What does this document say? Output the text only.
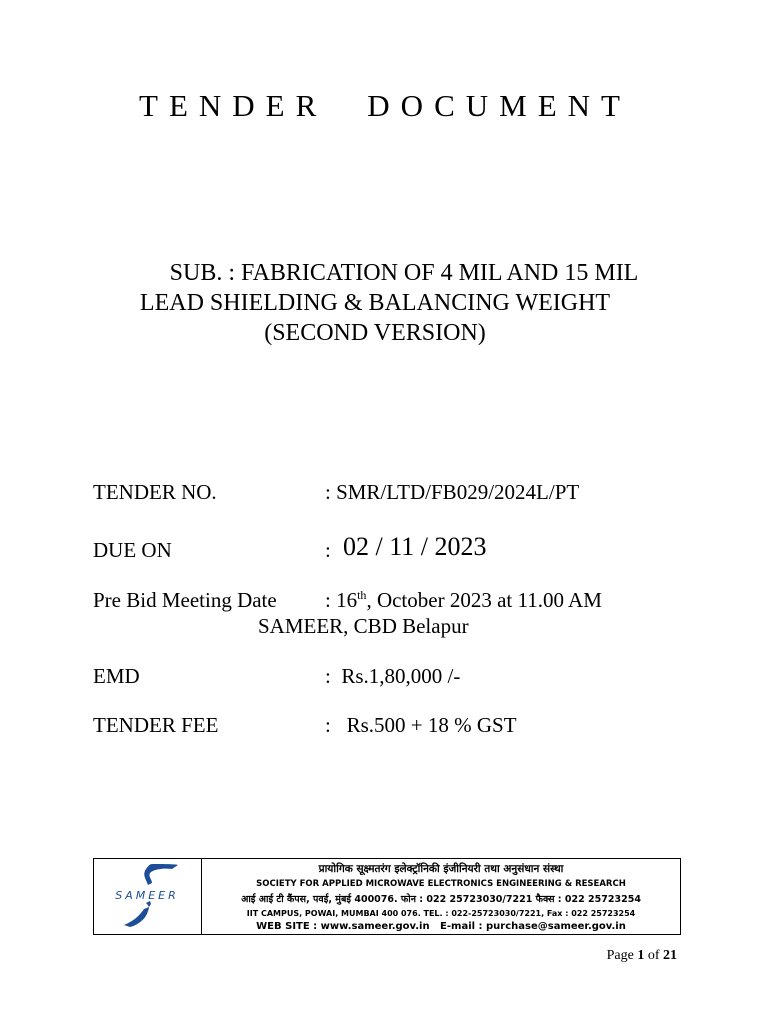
TENDER DOCUMENT
SUB. : FABRICATION OF 4 MIL AND 15 MIL
LEAD SHIELDING & BALANCING WEIGHT
(SECOND VERSION)
TENDER NO.	: SMR/LTD/FB029/2024L/PT
DUE ON	: 02 / 11 / 2023
Pre Bid Meeting Date : 16th, October 2023 at 11.00 AM
SAMEER, CBD Belapur
EMD	:  Rs.1,80,000 /-
TENDER FEE	:   Rs.500 + 18 % GST
SAMEER
प्रायोगिक सूक्ष्मतरंग इलेक्ट्रॉनिकी इंजीनियरी तथा अनुसंधान संस्था
SOCIETY FOR APPLIED MICROWAVE ELECTRONICS ENGINEERING & RESEARCH
आई आई टी कैंपस, पवई, मुंबई 400076. फोन : 022 25723030/7221 फैक्स : 022 25723254
IIT CAMPUS, POWAI, MUMBAI 400 076. TEL. : 022-25723030/7221, Fax : 022 25723254
WEB SITE : www.sameer.gov.in   E-mail : purchase@sameer.gov.in
Page 1 of 21
